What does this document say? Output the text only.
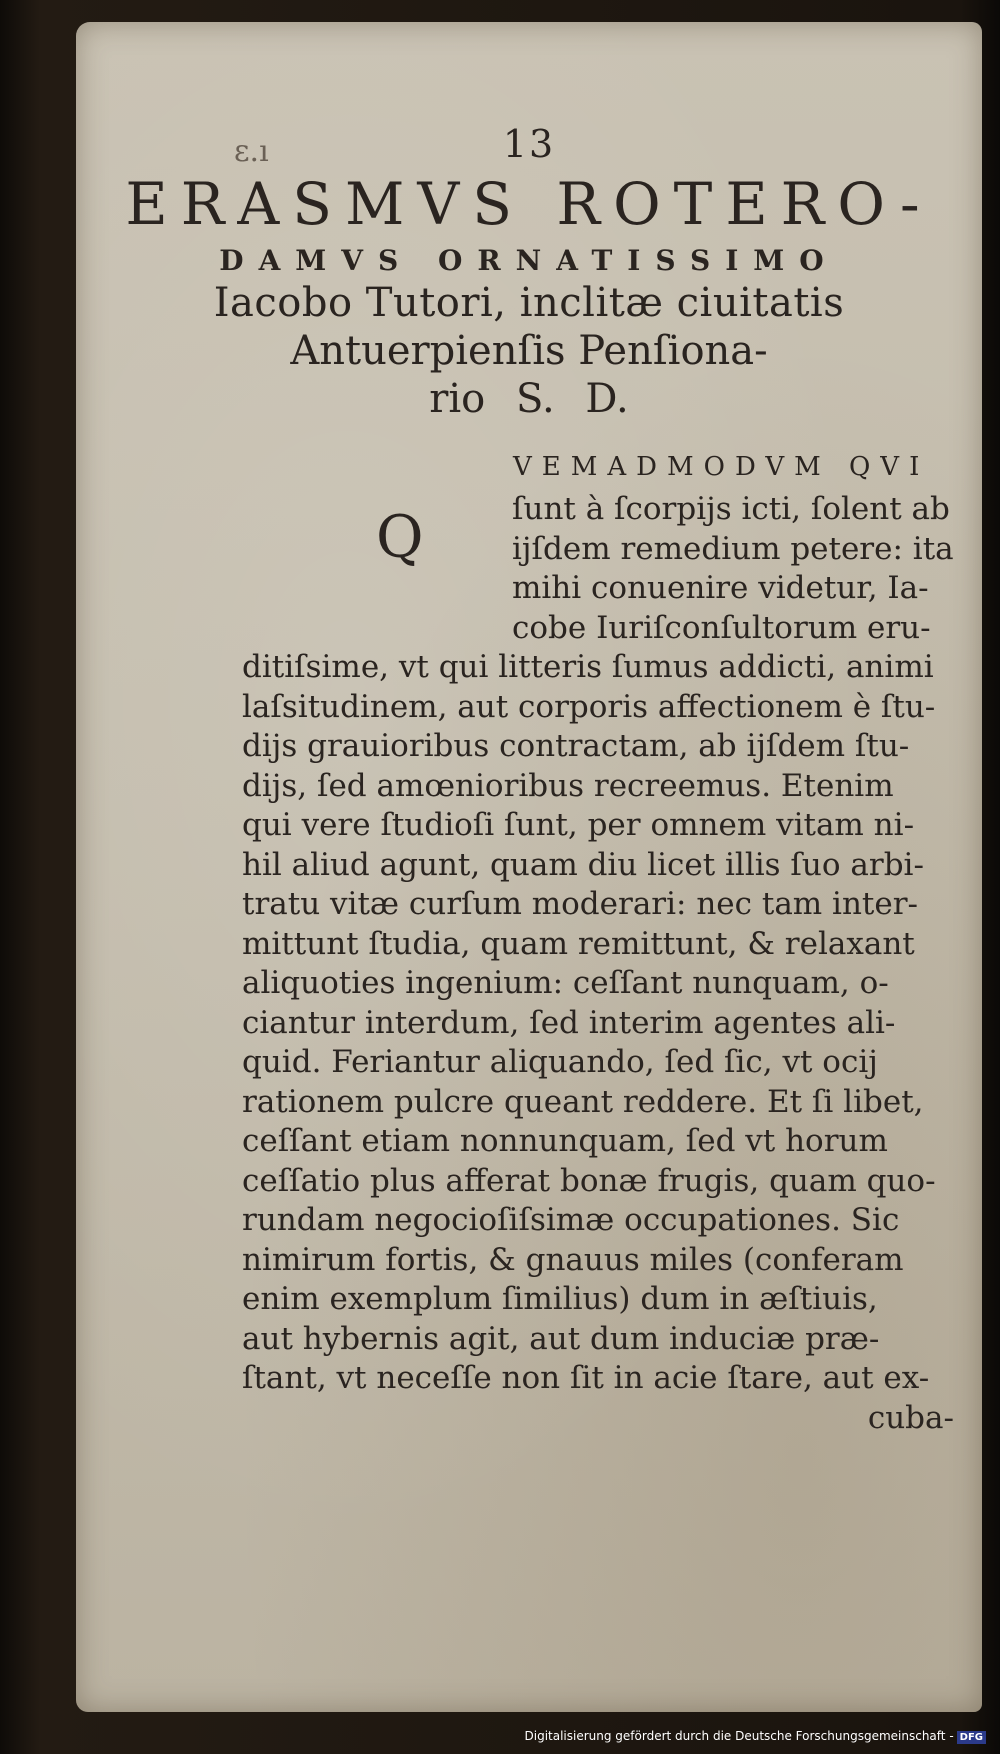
ɛ.ı	13
ERASMVS ROTERO-
DAMVS ORNATISSIMO
Iacobo Tutori, inclitæ ciuitatis
Antuerpienſis Penſiona-
rio S. D.
VEMADMODVM QVI
Q	ſunt à ſcorpijs icti, ſolent ab
ijſdem remedium petere: ita
mihi conuenire videtur, Ia-
cobe Iuriſconſultorum eru-
ditiſsime, vt qui litteris ſumus addicti, animi
laſsitudinem, aut corporis affectionem è ſtu-
dijs grauioribus contractam, ab ijſdem ſtu-
dijs, ſed amœnioribus recreemus. Etenim
qui vere ſtudioſi ſunt, per omnem vitam ni-
hil aliud agunt, quam diu licet illis ſuo arbi-
tratu vitæ curſum moderari: nec tam inter-
mittunt ſtudia, quam remittunt, & relaxant
aliquoties ingenium: ceſſant nunquam, o-
ciantur interdum, ſed interim agentes ali-
quid. Feriantur aliquando, ſed ſic, vt ocij
rationem pulcre queant reddere. Et ſi libet,
ceſſant etiam nonnunquam, ſed vt horum
ceſſatio plus afferat bonæ frugis, quam quo-
rundam negocioſiſsimæ occupationes. Sic
nimirum fortis, & gnauus miles (conferam
enim exemplum ſimilius) dum in æſtiuis,
aut hybernis agit, aut dum induciæ præ-
ſtant, vt neceſſe non ſit in acie ſtare, aut ex-
cuba-
Digitalisierung gefördert durch die Deutsche Forschungsgemeinschaft - DFG
